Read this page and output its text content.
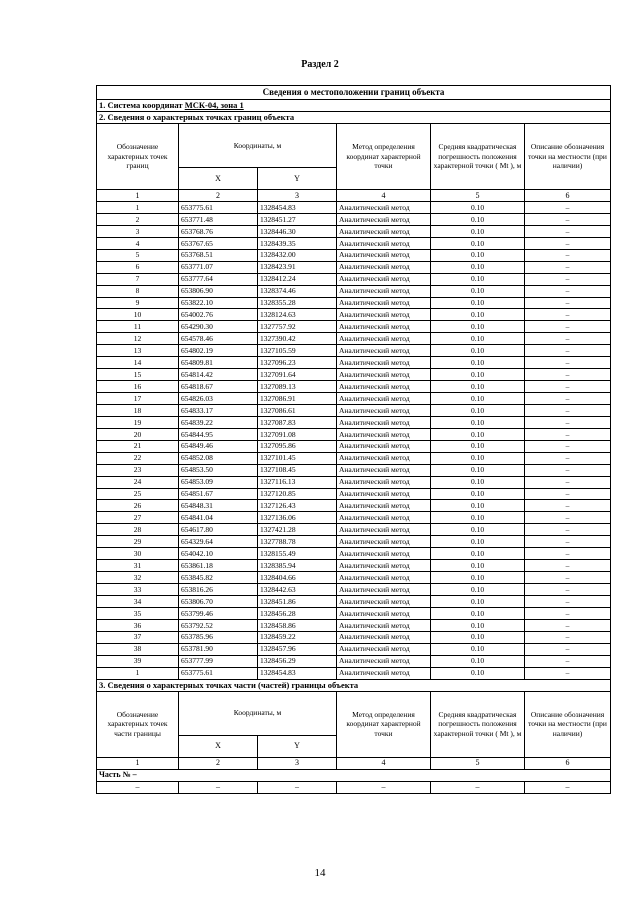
Раздел 2
Сведения о местоположении границ объекта					
1. Система координат МСК-04, зона 1					
2. Сведения о характерных точках границ объекта					
Обозначение характерных точек границ	Координаты, м		Метод определения координат характерной точки	Средняя квадратическая погрешность положения характерной точки ( Mt ), м	Описание обозначения точки на местности (при наличии)
	X	Y			
1	2	3	4	5	6
1	653775.61	1328454.83	Аналитический метод	0.10	–
2	653771.48	1328451.27	Аналитический метод	0.10	–
3	653768.76	1328446.30	Аналитический метод	0.10	–
4	653767.65	1328439.35	Аналитический метод	0.10	–
5	653768.51	1328432.00	Аналитический метод	0.10	–
6	653771.07	1328423.91	Аналитический метод	0.10	–
7	653777.64	1328412.24	Аналитический метод	0.10	–
8	653806.90	1328374.46	Аналитический метод	0.10	–
9	653822.10	1328355.28	Аналитический метод	0.10	–
10	654002.76	1328124.63	Аналитический метод	0.10	–
11	654290.30	1327757.92	Аналитический метод	0.10	–
12	654578.46	1327390.42	Аналитический метод	0.10	–
13	654802.19	1327105.59	Аналитический метод	0.10	–
14	654809.81	1327096.23	Аналитический метод	0.10	–
15	654814.42	1327091.64	Аналитический метод	0.10	–
16	654818.67	1327089.13	Аналитический метод	0.10	–
17	654826.03	1327086.91	Аналитический метод	0.10	–
18	654833.17	1327086.61	Аналитический метод	0.10	–
19	654839.22	1327087.83	Аналитический метод	0.10	–
20	654844.95	1327091.08	Аналитический метод	0.10	–
21	654849.46	1327095.86	Аналитический метод	0.10	–
22	654852.08	1327101.45	Аналитический метод	0.10	–
23	654853.50	1327108.45	Аналитический метод	0.10	–
24	654853.09	1327116.13	Аналитический метод	0.10	–
25	654851.67	1327120.85	Аналитический метод	0.10	–
26	654848.31	1327126.43	Аналитический метод	0.10	–
27	654841.04	1327136.06	Аналитический метод	0.10	–
28	654617.80	1327421.28	Аналитический метод	0.10	–
29	654329.64	1327788.78	Аналитический метод	0.10	–
30	654042.10	1328155.49	Аналитический метод	0.10	–
31	653861.18	1328385.94	Аналитический метод	0.10	–
32	653845.82	1328404.66	Аналитический метод	0.10	–
33	653816.26	1328442.63	Аналитический метод	0.10	–
34	653806.70	1328451.86	Аналитический метод	0.10	–
35	653799.46	1328456.28	Аналитический метод	0.10	–
36	653792.52	1328458.86	Аналитический метод	0.10	–
37	653785.96	1328459.22	Аналитический метод	0.10	–
38	653781.90	1328457.96	Аналитический метод	0.10	–
39	653777.99	1328456.29	Аналитический метод	0.10	–
1	653775.61	1328454.83	Аналитический метод	0.10	–
3. Сведения о характерных точках части (частей) границы объекта					
Обозначение характерных точек части границы	Координаты, м		Метод определения координат характерной точки	Средняя квадратическая погрешность положения характерной точки ( Mt ), м	Описание обозначения точки на местности (при наличии)
	X	Y			
1	2	3	4	5	6
Часть № –					
–	–	–	–	–	–
14
